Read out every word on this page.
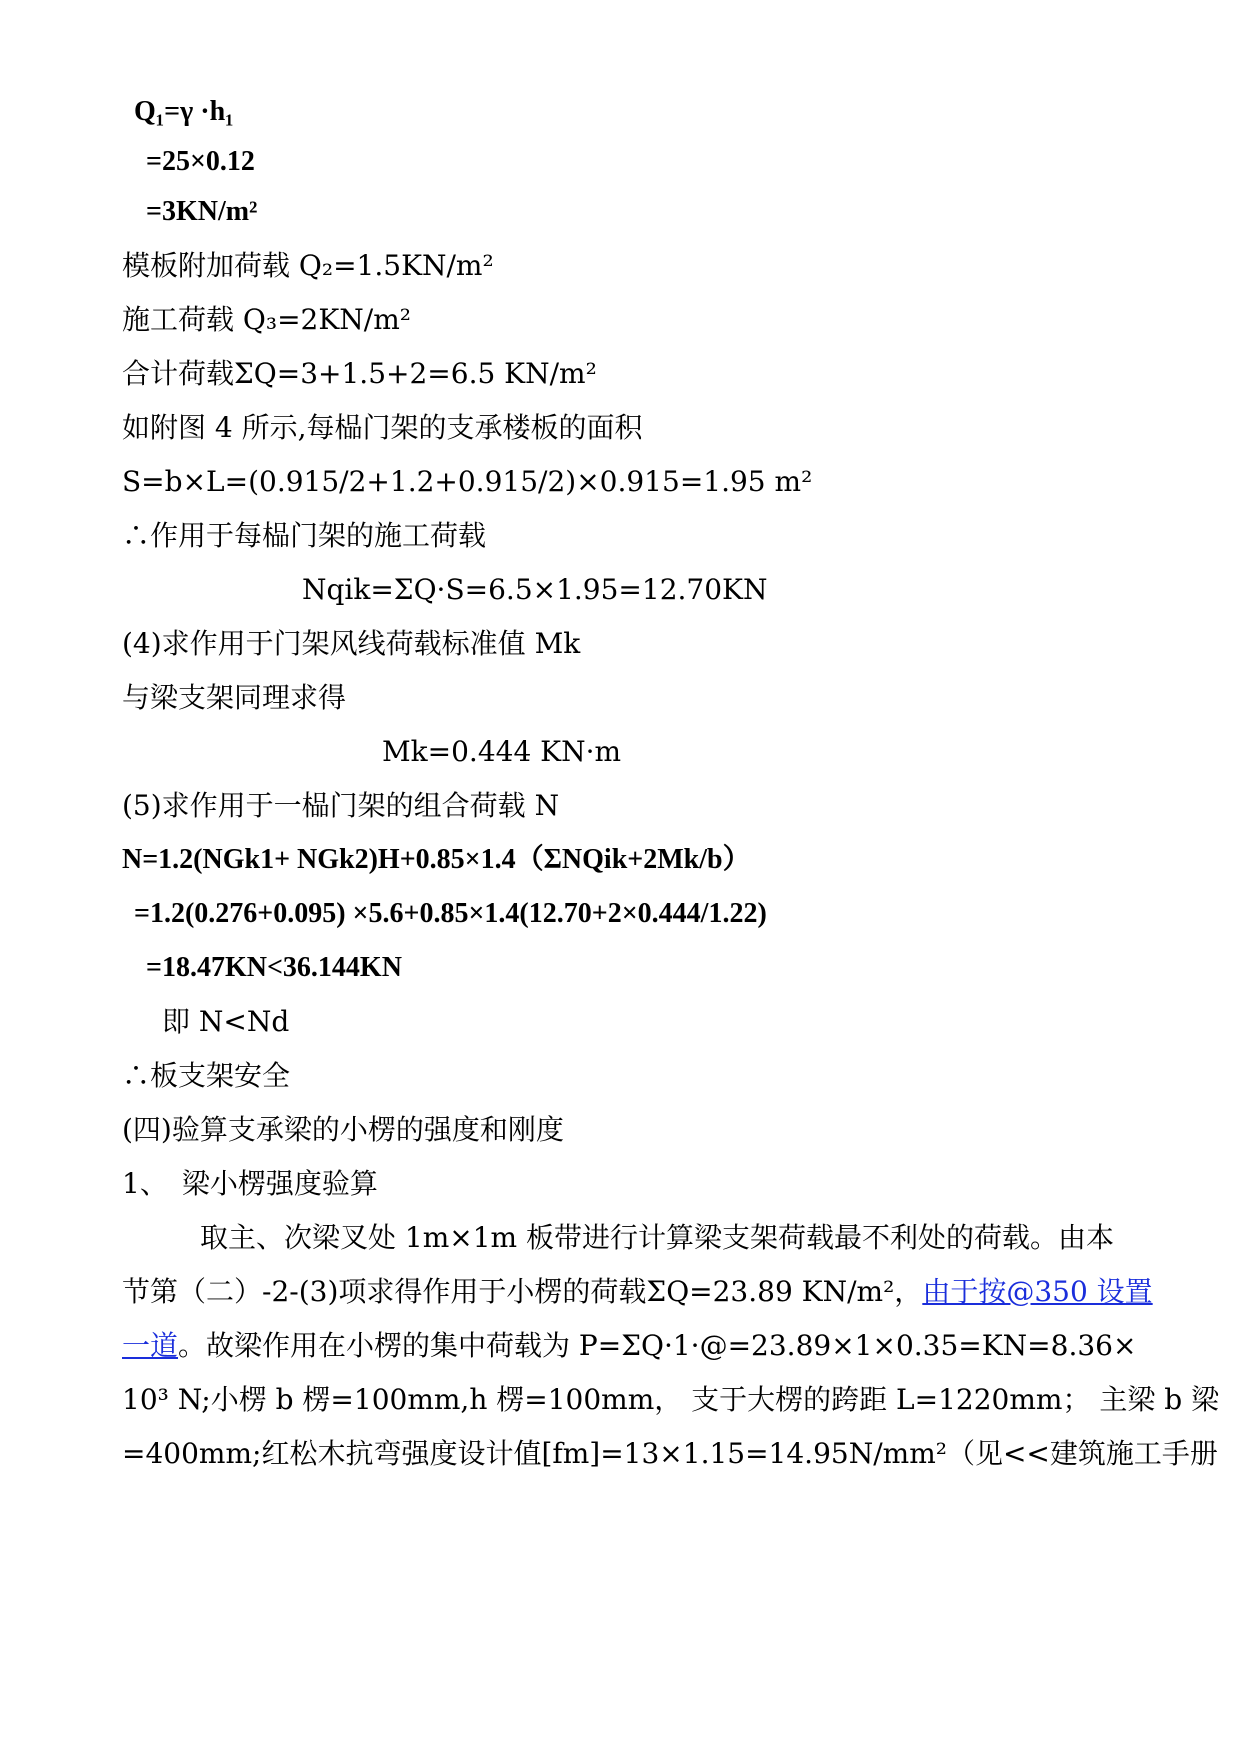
Q₁=γ ·h₁
=25×0.12
=3KN/m²
模板附加荷载 Q₂=1.5KN/m²
施工荷载 Q₃=2KN/m²
合计荷载ΣQ=3+1.5+2=6.5 KN/m²
如附图 4 所示,每榀门架的支承楼板的面积
S=b×L=(0.915/2+1.2+0.915/2)×0.915=1.95 m²
∴作用于每榀门架的施工荷载
Nqik=ΣQ·S=6.5×1.95=12.70KN
(4)求作用于门架风线荷载标准值 Mk
与梁支架同理求得
Mk=0.444 KN·m
(5)求作用于一榀门架的组合荷载 N
N=1.2(NGk1+ NGk2)H+0.85×1.4（ΣNQik+2Mk/b）
=1.2(0.276+0.095) ×5.6+0.85×1.4(12.70+2×0.444/1.22)
=18.47KN<36.144KN
即 N<Nd
∴板支架安全
(四)验算支承梁的小楞的强度和刚度
1、　梁小楞强度验算
取主、次梁叉处 1m×1m 板带进行计算梁支架荷载最不利处的荷载。由本
节第（二）-2-(3)项求得作用于小楞的荷载ΣQ=23.89 KN/m²，由于按@350 设置
一道。故梁作用在小楞的集中荷载为 P=ΣQ·1·@=23.89×1×0.35=KN=8.36×
10³ N;小楞 b 楞=100mm,h 楞=100mm， 支于大楞的跨距 L=1220mm； 主梁 b 梁
=400mm;红松木抗弯强度设计值[fm]=13×1.15=14.95N/mm²（见<<建筑施工手册
